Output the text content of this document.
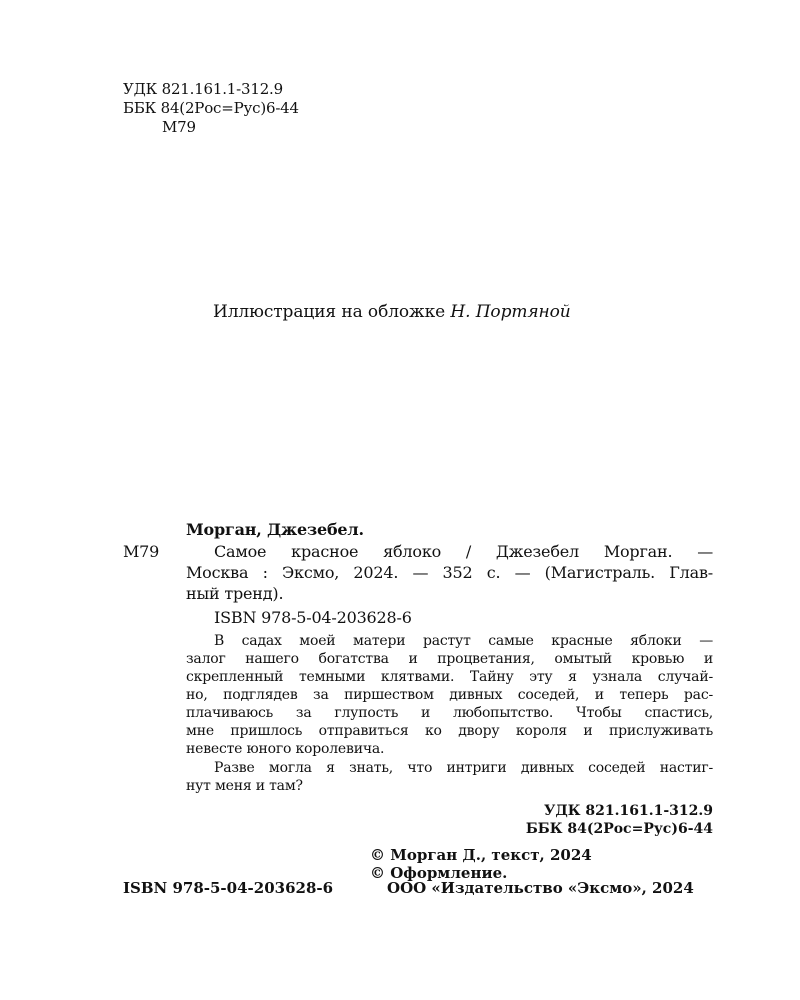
УДК 821.161.1-312.9
ББК 84(2Рос=Рус)6-44
М79
Иллюстрация на обложке Н. Портяной
Морган, Джезебел.
М79	Самое красное яблоко / Джезебел Морган. —
Москва : Эксмо, 2024. — 352 с. — (Магистраль. Глав-
ный тренд).
ISBN 978-5-04-203628-6
В садах моей матери растут самые красные яблоки —
залог нашего богатства и процветания, омытый кровью и
скрепленный темными клятвами. Тайну эту я узнала случай-
но, подглядев за пиршеством дивных соседей, и теперь рас-
плачиваюсь за глупость и любопытство. Чтобы спастись,
мне пришлось отправиться ко двору короля и прислуживать
невесте юного королевича.
Разве могла я знать, что интриги дивных соседей настиг-
нут меня и там?
УДК 821.161.1-312.9
ББК 84(2Рос=Рус)6-44
© Морган Д., текст, 2024
© Оформление.
ISBN 978-5-04-203628-6	ООО «Издательство «Эксмо», 2024
